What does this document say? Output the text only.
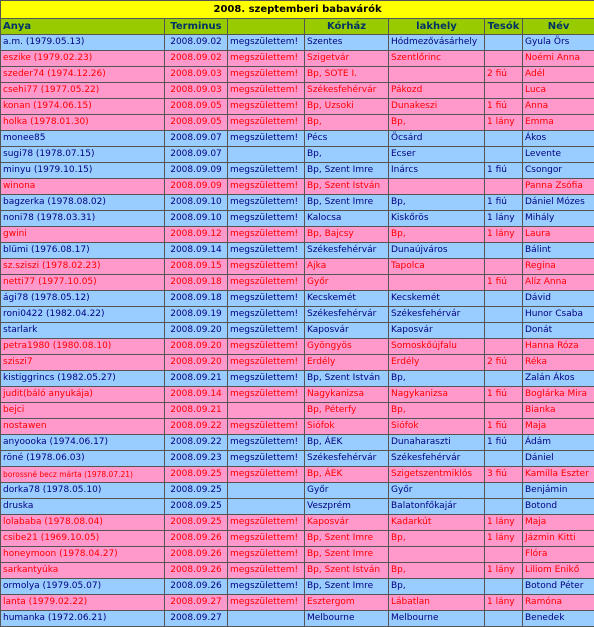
2008. szeptemberi babavárók						
Anya	Terminus		Kórház	lakhely	Tesók	Név
a.m. (1979.05.13)	2008.09.02	megszülettem!	Szentes	Hódmezővásárhely		Gyula Örs
eszike (1979.02.23)	2008.09.02	megszülettem!	Szigetvár	Szentlőrinc		Noémi Anna
szeder74 (1974.12.26)	2008.09.03	megszülettem!	Bp, SOTE I.		2 fiú	Adél
csehi77 (1977.05.22)	2008.09.03	megszülettem!	Székesfehérvár	Pákozd		Luca
konan (1974.06.15)	2008.09.05	megszülettem!	Bp, Uzsoki	Dunakeszi	1 fiú	Anna
holka (1978.01.30)	2008.09.05	megszülettem!	Bp,	Bp,	1 lány	Emma
monee85	2008.09.07	megszülettem!	Pécs	Öcsárd		Ákos
sugi78 (1978.07.15)	2008.09.07		Bp,	Ecser		Levente
minyu (1979.10.15)	2008.09.09	megszülettem!	Bp, Szent Imre	Inárcs	1 fiú	Csongor
winona	2008.09.09	megszülettem!	Bp, Szent István			Panna Zsófia
bagzerka (1978.08.02)	2008.09.10	megszülettem!	Bp, Szent Imre	Bp,	1 fiú	Dániel Mózes
noni78 (1978.03.31)	2008.09.10	megszülettem!	Kalocsa	Kiskőrös	1 lány	Mihály
gwini	2008.09.12	megszülettem!	Bp, Bajcsy	Bp,	1 lány	Laura
blümi (1976.08.17)	2008.09.14	megszülettem!	Székesfehérvár	Dunaújváros		Bálint
sz.sziszi (1978.02.23)	2008.09.15	megszülettem!	Ajka	Tapolca		Regina
netti77 (1977.10.05)	2008.09.18	megszülettem!	Győr		1 fiú	Alíz Anna
ági78 (1978.05.12)	2008.09.18	megszülettem!	Kecskemét	Kecskemét		Dávid
roni0422 (1982.04.22)	2008.09.19	megszülettem!	Székesfehérvár	Székesfehérvár		Hunor Csaba
starlark	2008.09.20	megszülettem!	Kaposvár	Kaposvár		Donát
petra1980 (1980.08.10)	2008.09.20	megszülettem!	Gyöngyös	Somoskőújfalu		Hanna Róza
sziszi7	2008.09.20	megszülettem!	Erdély	Erdély	2 fiú	Réka
kistiggrincs (1982.05.27)	2008.09.21	megszülettem!	Bp, Szent István	Bp,		Zalán Ákos
judit(báló anyukája)	2008.09.14	megszülettem!	Nagykanizsa	Nagykanizsa	1 fiú	Boglárka Mira
bejci	2008.09.21		Bp, Péterfy	Bp,		Bianka
nostawen	2008.09.22	megszülettem!	Siófok	Siófok	1 fiú	Maja
anyoooka (1974.06.17)	2008.09.22	megszülettem!	Bp, ÁEK	Dunaharaszti	1 fiú	Ádám
röné (1978.06.03)	2008.09.23	megszülettem!	Székesfehérvár	Székesfehérvár		Dániel
borossné becz márta (1978.07.21)	2008.09.25	megszülettem!	Bp, ÁEK	Szigetszentmiklós	3 fiú	Kamilla Eszter
dorka78 (1978.05.10)	2008.09.25		Győr	Győr		Benjámin
druska	2008.09.25		Veszprém	Balatonfőkajár		Botond
lolababa (1978.08.04)	2008.09.25	megszülettem!	Kaposvár	Kadarkút	1 lány	Maja
csibe21 (1969.10.05)	2008.09.26	megszülettem!	Bp, Szent Imre	Bp,	1 lány	Jázmin Kitti
honeymoon (1978.04.27)	2008.09.26	megszülettem!	Bp, Szent Imre			Flóra
sarkantyúka	2008.09.26	megszülettem!	Bp, Szent István	Bp,	1 lány	Liliom Enikő
ormolya (1979.05.07)	2008.09.26	megszülettem!	Bp, Szent Imre	Bp,		Botond Péter
lanta (1979.02.22)	2008.09.27	megszülettem!	Esztergom	Lábatlan	1 lány	Ramóna
humanka (1972.06.21)	2008.09.27		Melbourne	Melbourne		Benedek
